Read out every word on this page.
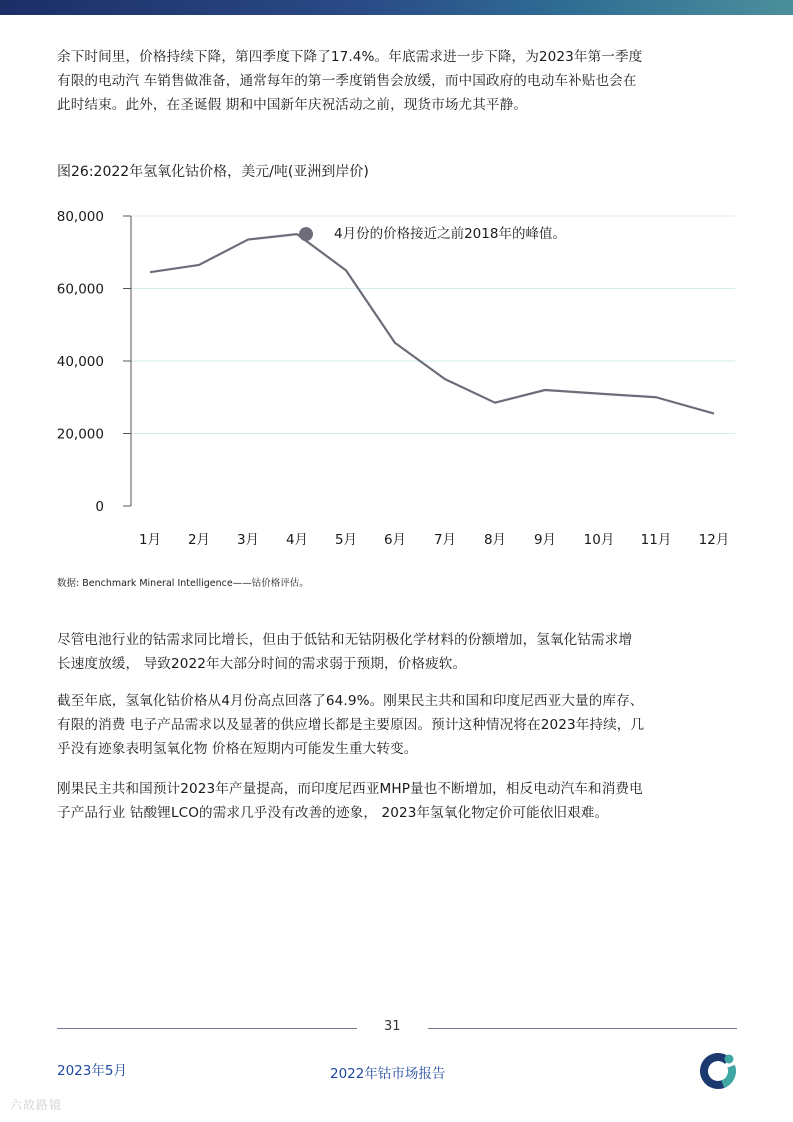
余下时间里，价格持续下降，第四季度下降了17.4%。年底需求进一步下降，为2023年第一季度
有限的电动汽 车销售做准备，通常每年的第一季度销售会放缓，而中国政府的电动车补贴也会在
此时结束。此外，在圣诞假 期和中国新年庆祝活动之前，现货市场尤其平静。

图26:2022年氢氧化钴价格，美元/吨(亚洲到岸价)
80,000
60,000
40,000
20,000
0
1月 2月 3月 4月 5月 6月 7月 8月 9月 10月 11月 12月
4月份的价格接近之前2018年的峰值。
数据: Benchmark Mineral Intelligence——钴价格评估。

尽管电池行业的钴需求同比增长，但由于低钴和无钴阴极化学材料的份额增加，氢氧化钴需求增
长速度放缓， 导致2022年大部分时间的需求弱于预期，价格疲软。

截至年底，氢氧化钴价格从4月份高点回落了64.9%。刚果民主共和国和印度尼西亚大量的库存、
有限的消费 电子产品需求以及显著的供应增长都是主要原因。预计这种情况将在2023年持续，几
乎没有迹象表明氢氧化物 价格在短期内可能发生重大转变。

刚果民主共和国预计2023年产量提高，而印度尼西亚MHP量也不断增加，相反电动汽车和消费电
子产品行业 钴酸锂LCO的需求几乎没有改善的迹象， 2023年氢氧化物定价可能依旧艰难。

31
2023年5月	2022年钴市场报告
六故路镜
